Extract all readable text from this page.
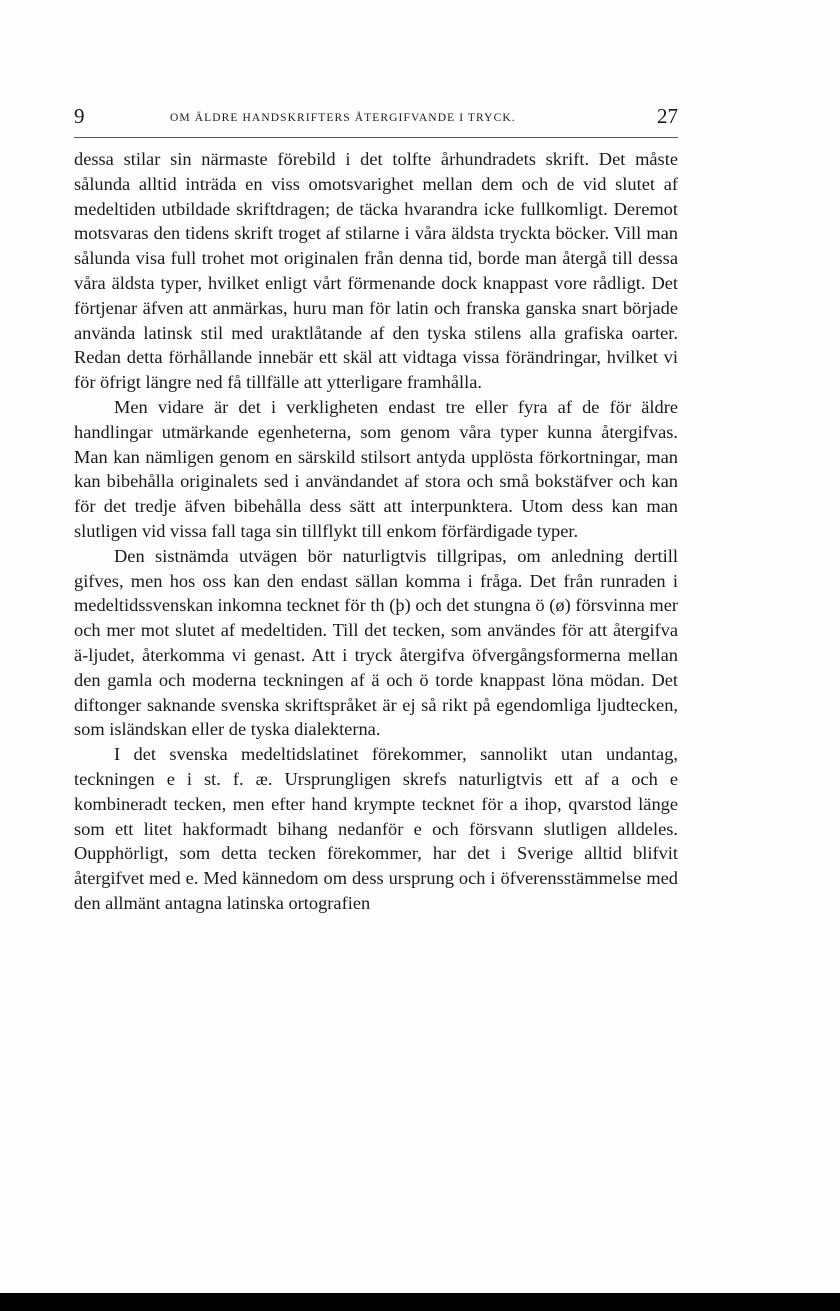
9	OM ÄLDRE HANDSKRIFTERS ÅTERGIFVANDE I TRYCK.	27

dessa stilar sin närmaste förebild i det tolfte århundradets skrift. Det måste sålunda alltid inträda en viss omotsvarighet mellan dem och de vid slutet af medeltiden utbildade skriftdragen; de täcka hvarandra icke fullkomligt. Deremot motsvaras den tidens skrift troget af stilarne i våra äldsta tryckta böcker. Vill man sålunda visa full trohet mot originalen från denna tid, borde man återgå till dessa våra äldsta typer, hvilket enligt vårt förmenande dock knappast vore rådligt. Det förtjenar äfven att anmärkas, huru man för latin och franska ganska snart började använda latinsk stil med uraktlåtande af den tyska stilens alla grafiska oarter. Redan detta förhållande innebär ett skäl att vidtaga vissa förändringar, hvilket vi för öfrigt längre ned få tillfälle att ytterligare framhålla.

Men vidare är det i verkligheten endast tre eller fyra af de för äldre handlingar utmärkande egenheterna, som genom våra typer kunna återgifvas. Man kan nämligen genom en särskild stilsort antyda upplösta förkortningar, man kan bibehålla originalets sed i användandet af stora och små bokstäfver och kan för det tredje äfven bibehålla dess sätt att interpunktera. Utom dess kan man slutligen vid vissa fall taga sin tillflykt till enkom förfärdigade typer.

Den sistnämda utvägen bör naturligtvis tillgripas, om anledning dertill gifves, men hos oss kan den endast sällan komma i fråga. Det från runraden i medeltidssvenskan inkomna tecknet för th (þ) och det stungna ö (ø) försvinna mer och mer mot slutet af medeltiden. Till det tecken, som användes för att återgifva ä-ljudet, återkomma vi genast. Att i tryck återgifva öfvergångsformerna mellan den gamla och moderna teckningen af ä och ö torde knappast löna mödan. Det diftonger saknande svenska skriftspråket är ej så rikt på egendomliga ljudtecken, som isländskan eller de tyska dialekterna.

I det svenska medeltidslatinet förekommer, sannolikt utan undantag, teckningen e i st. f. æ. Ursprungligen skrefs naturligtvis ett af a och e kombineradt tecken, men efter hand krympte tecknet för a ihop, qvarstod länge som ett litet hakformadt bihang nedanför e och försvann slutligen alldeles. Oupphörligt, som detta tecken förekommer, har det i Sverige alltid blifvit återgifvet med e. Med kännedom om dess ursprung och i öfverensstämmelse med den allmänt antagna latinska ortografien
